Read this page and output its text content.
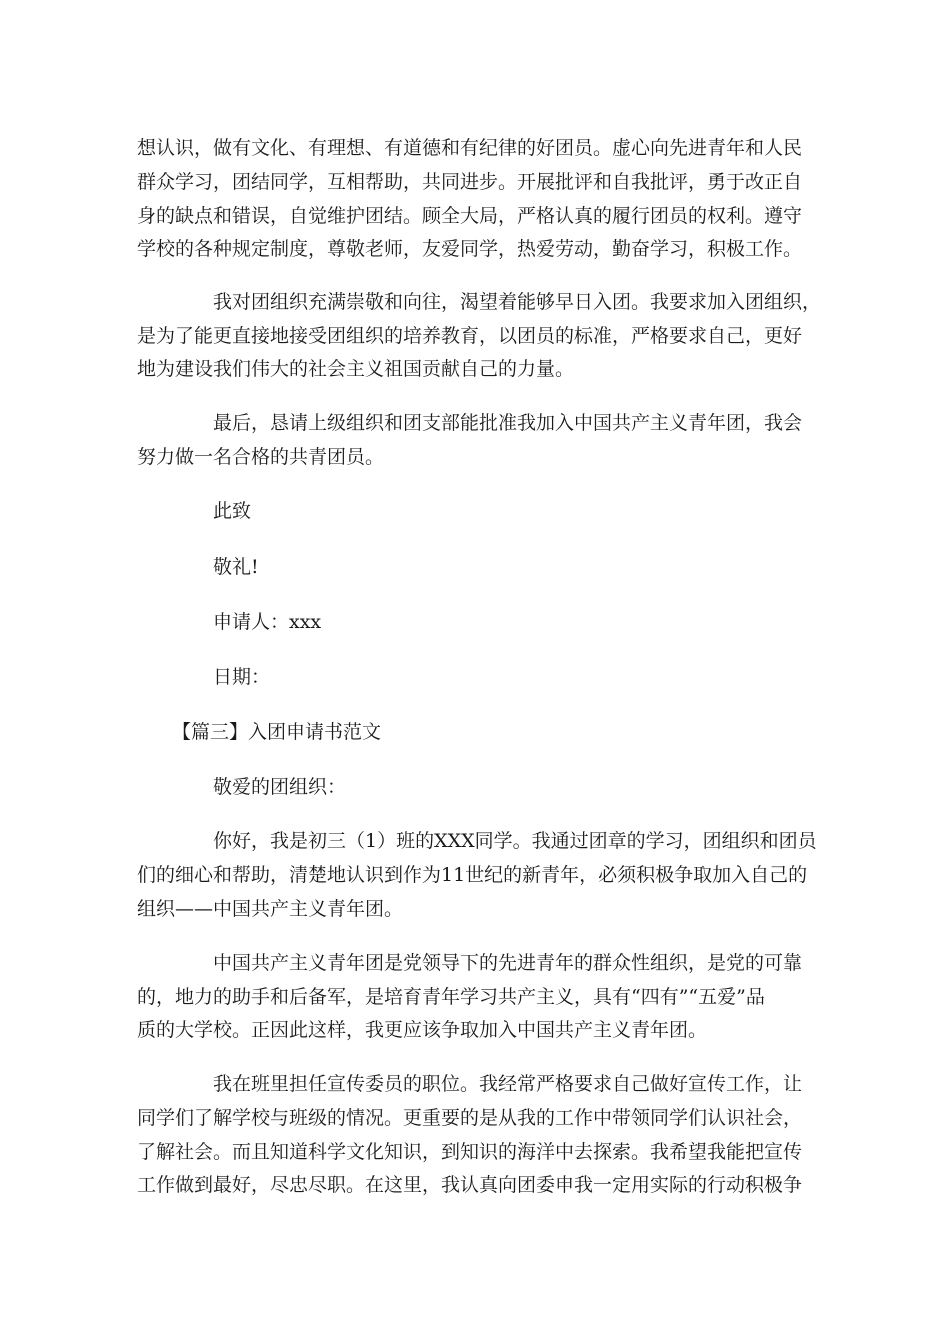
想认识，做有文化、有理想、有道德和有纪律的好团员。虚心向先进青年和人民
群众学习，团结同学，互相帮助，共同进步。开展批评和自我批评，勇于改正自
身的缺点和错误，自觉维护团结。顾全大局，严格认真的履行团员的权利。遵守
学校的各种规定制度，尊敬老师，友爱同学，热爱劳动，勤奋学习，积极工作。
我对团组织充满崇敬和向往，渴望着能够早日入团。我要求加入团组织，
是为了能更直接地接受团组织的培养教育，以团员的标准，严格要求自己，更好
地为建设我们伟大的社会主义祖国贡献自己的力量。
最后，恳请上级组织和团支部能批准我加入中国共产主义青年团，我会
努力做一名合格的共青团员。
此致
敬礼!
申请人：xxx
日期：
【篇三】入团申请书范文
敬爱的团组织：
你好，我是初三（1）班的XXX同学。我通过团章的学习，团组织和团员
们的细心和帮助，清楚地认识到作为11世纪的新青年，必须积极争取加入自己的
组织——中国共产主义青年团。
中国共产主义青年团是党领导下的先进青年的群众性组织，是党的可靠
的，地力的助手和后备军，是培育青年学习共产主义，具有“四有”“五爱”品
质的大学校。正因此这样，我更应该争取加入中国共产主义青年团。
我在班里担任宣传委员的职位。我经常严格要求自己做好宣传工作，让
同学们了解学校与班级的情况。更重要的是从我的工作中带领同学们认识社会，
了解社会。而且知道科学文化知识，到知识的海洋中去探索。我希望我能把宣传
工作做到最好，尽忠尽职。在这里，我认真向团委申我一定用实际的行动积极争
